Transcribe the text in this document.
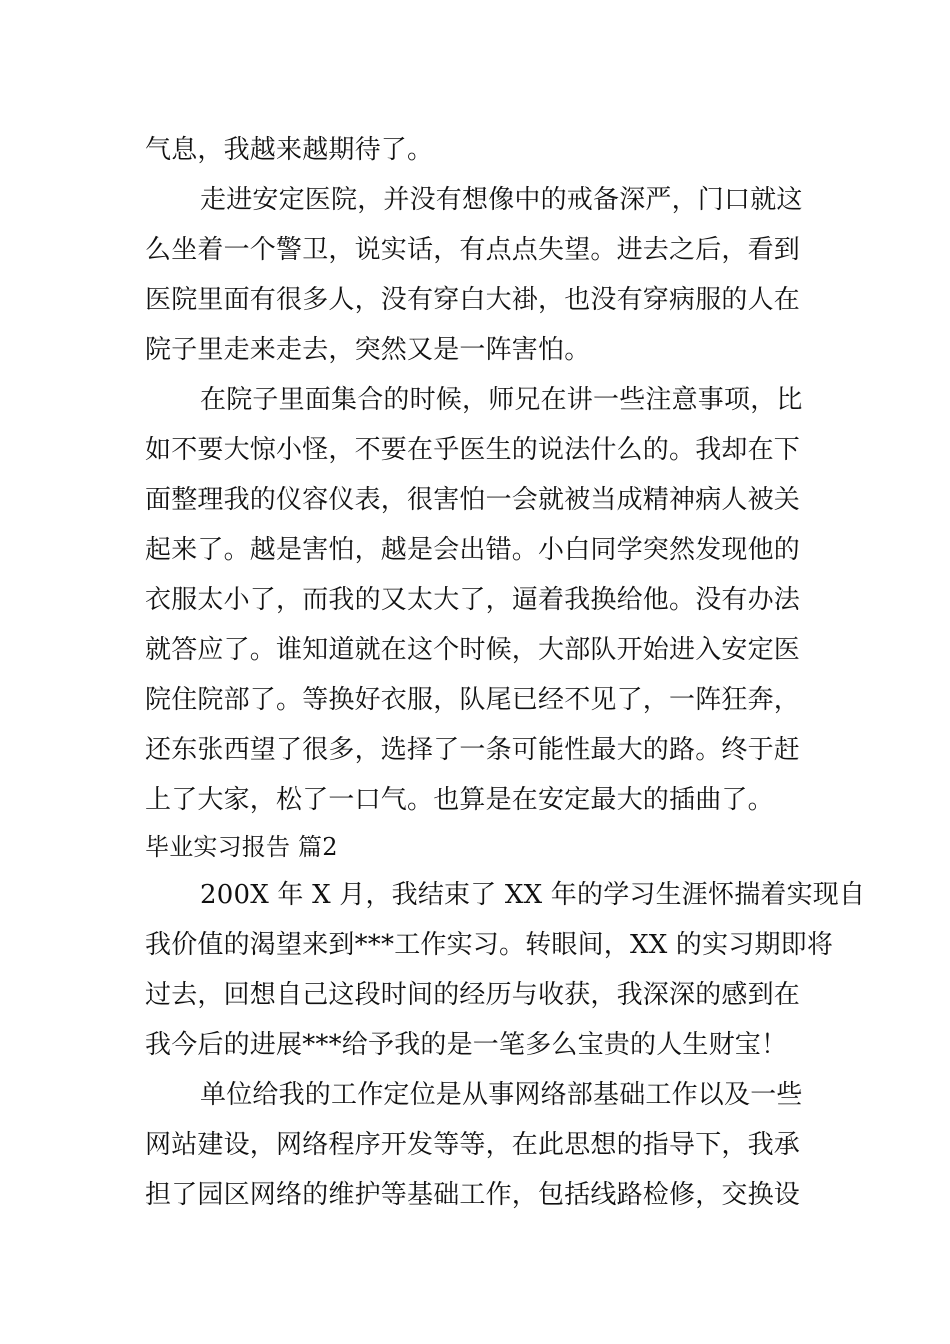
气息，我越来越期待了。
走进安定医院，并没有想像中的戒备深严，门口就这
么坐着一个警卫，说实话，有点点失望。进去之后，看到
医院里面有很多人，没有穿白大褂，也没有穿病服的人在
院子里走来走去，突然又是一阵害怕。
在院子里面集合的时候，师兄在讲一些注意事项，比
如不要大惊小怪，不要在乎医生的说法什么的。我却在下
面整理我的仪容仪表，很害怕一会就被当成精神病人被关
起来了。越是害怕，越是会出错。小白同学突然发现他的
衣服太小了，而我的又太大了，逼着我换给他。没有办法
就答应了。谁知道就在这个时候，大部队开始进入安定医
院住院部了。等换好衣服，队尾已经不见了，一阵狂奔，
还东张西望了很多，选择了一条可能性最大的路。终于赶
上了大家，松了一口气。也算是在安定最大的插曲了。
毕业实习报告 篇2
200X 年 X 月，我结束了 XX 年的学习生涯怀揣着实现自
我价值的渴望来到***工作实习。转眼间，XX 的实习期即将
过去，回想自己这段时间的经历与收获，我深深的感到在
我今后的进展***给予我的是一笔多么宝贵的人生财宝！
单位给我的工作定位是从事网络部基础工作以及一些
网站建设，网络程序开发等等，在此思想的指导下，我承
担了园区网络的维护等基础工作，包括线路检修，交换设
